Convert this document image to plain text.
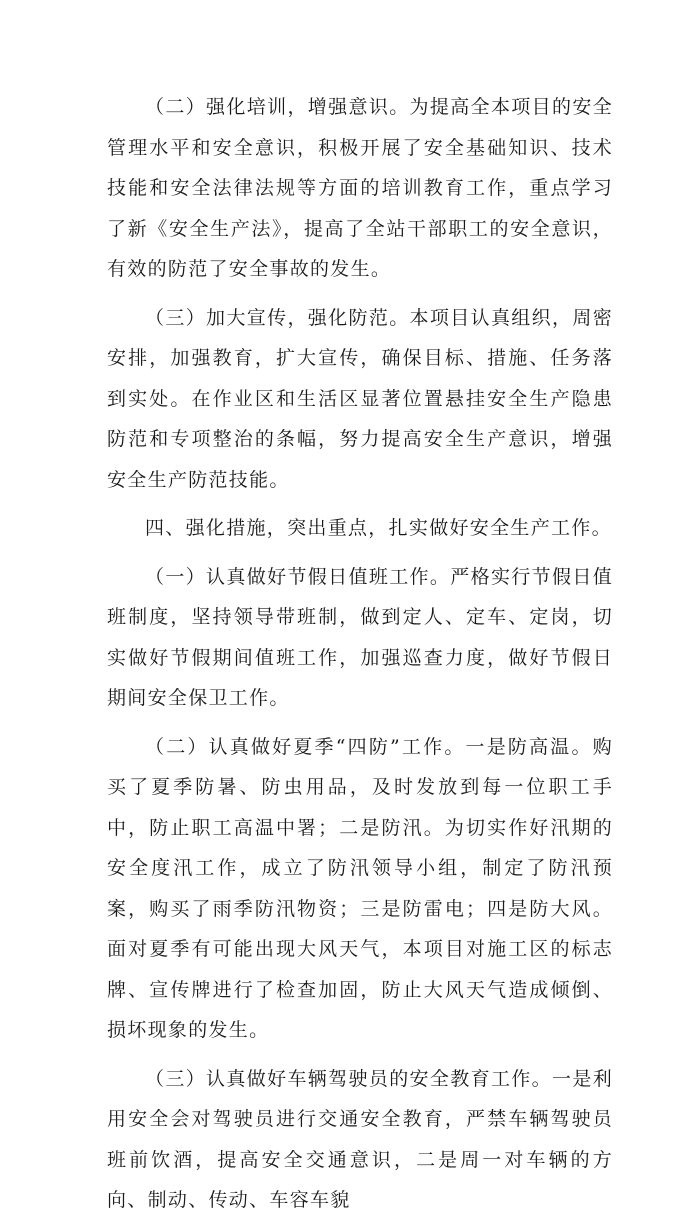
（二）强化培训，增强意识。为提高全本项目的安全管理水平和安全意识，积极开展了安全基础知识、技术技能和安全法律法规等方面的培训教育工作，重点学习了新《安全生产法》，提高了全站干部职工的安全意识，有效的防范了安全事故的发生。

（三）加大宣传，强化防范。本项目认真组织，周密安排，加强教育，扩大宣传，确保目标、措施、任务落到实处。在作业区和生活区显著位置悬挂安全生产隐患防范和专项整治的条幅，努力提高安全生产意识，增强安全生产防范技能。

四、强化措施，突出重点，扎实做好安全生产工作。

（一）认真做好节假日值班工作。严格实行节假日值班制度，坚持领导带班制，做到定人、定车、定岗，切实做好节假期间值班工作，加强巡查力度，做好节假日期间安全保卫工作。

（二）认真做好夏季“四防”工作。一是防高温。购买了夏季防暑、防虫用品，及时发放到每一位职工手中，防止职工高温中署；二是防汛。为切实作好汛期的安全度汛工作，成立了防汛领导小组，制定了防汛预案，购买了雨季防汛物资；三是防雷电；四是防大风。面对夏季有可能出现大风天气，本项目对施工区的标志牌、宣传牌进行了检查加固，防止大风天气造成倾倒、损坏现象的发生。

（三）认真做好车辆驾驶员的安全教育工作。一是利用安全会对驾驶员进行交通安全教育，严禁车辆驾驶员班前饮酒，提高安全交通意识，二是周一对车辆的方向、制动、传动、车容车貌
